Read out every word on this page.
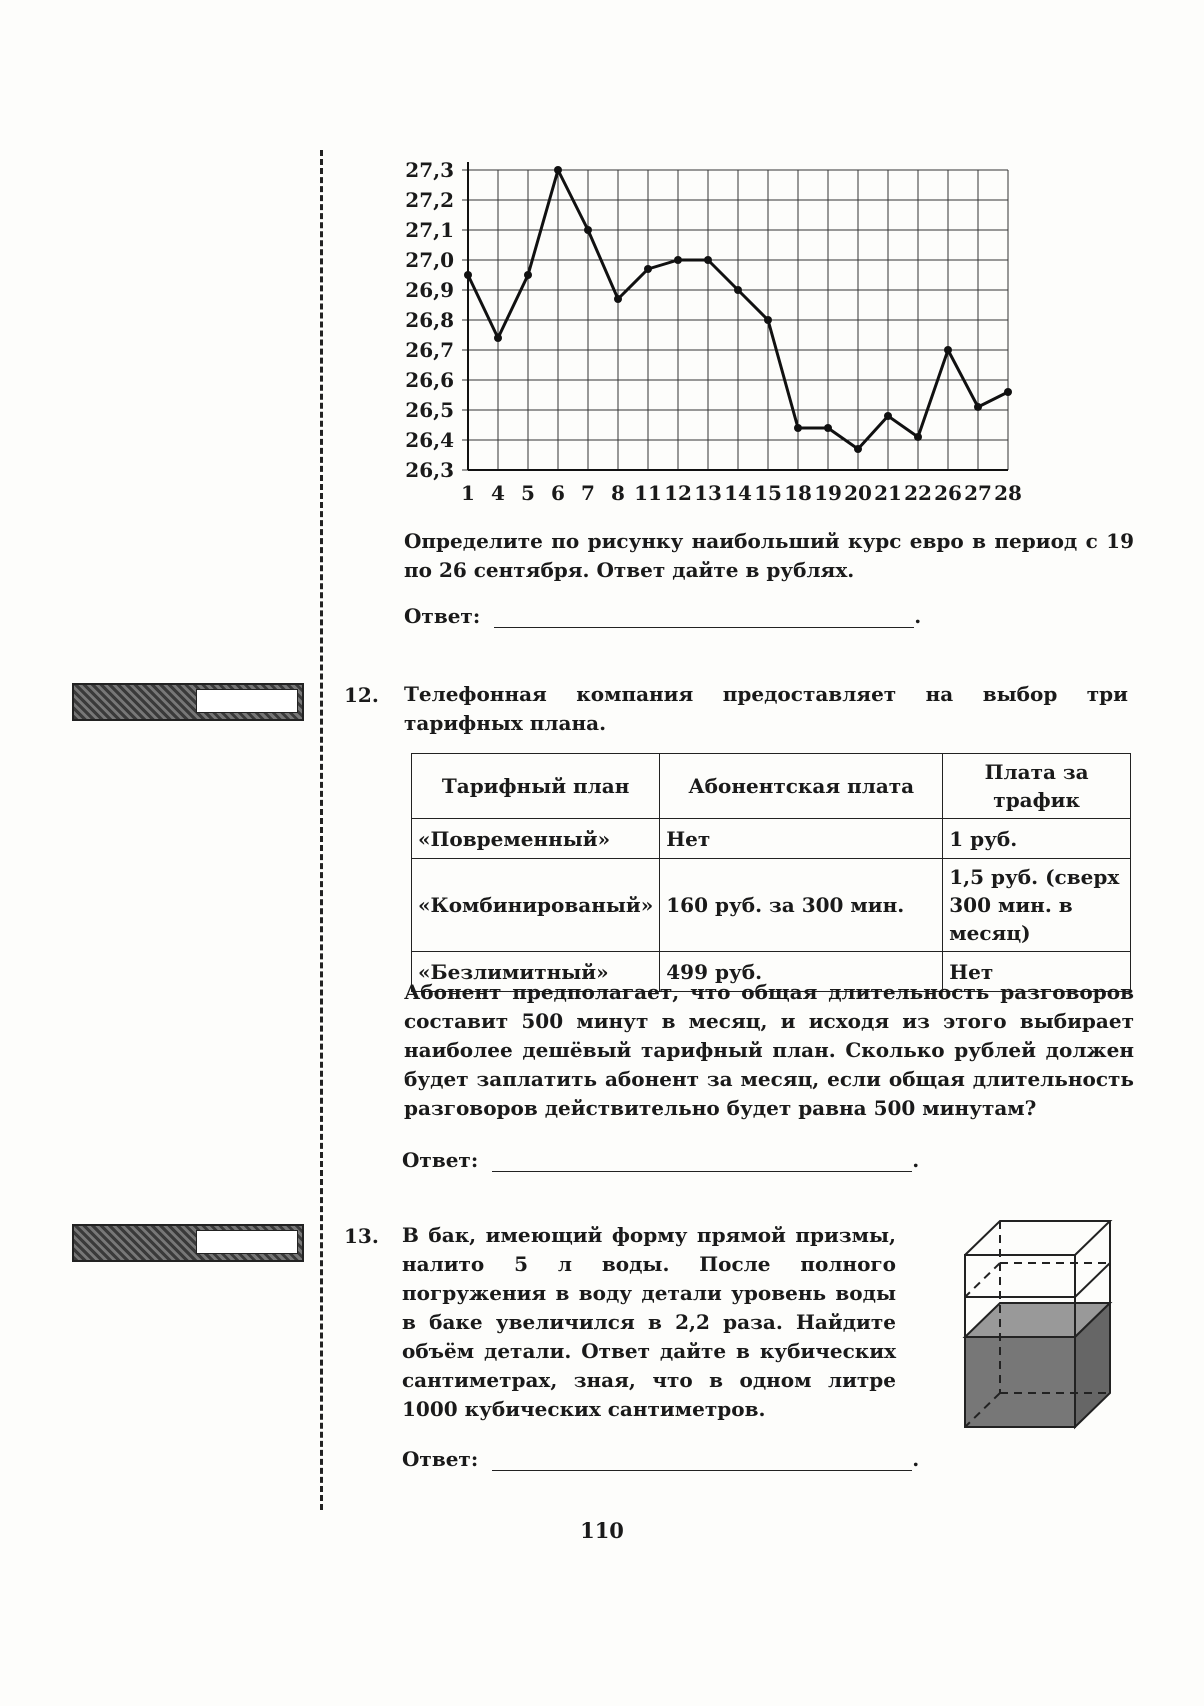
27,3
27,2
27,1
27,0
26,9
26,8
26,7
26,6
26,5
26,4
26,3
1 4 5 6 7 8 11 12 13 14 15 18 19 20 21 22 26 27 28
Определите по рисунку наибольший курс евро в период с 19 по 26 сентября. Ответ дайте в рублях.
Ответ:	.
12. Телефонная компания предоставляет на выбор три тарифных плана.
Тарифный план	Абонентская плата	Плата за трафик
«Повременный»	Нет	1 руб.
«Комбинированый»	160 руб. за 300 мин.	1,5 руб. (сверх 300 мин. в месяц)
«Безлимитный»	499 руб.	Нет
Абонент предполагает, что общая длительность разговоров составит 500 минут в месяц, и исходя из этого выбирает наиболее дешёвый тарифный план. Сколько рублей должен будет заплатить абонент за месяц, если общая длительность разговоров действительно будет равна 500 минутам?
Ответ:	.
13. В бак, имеющий форму прямой призмы, налито 5 л воды. После полного погружения в воду детали уровень воды в баке увеличился в 2,2 раза. Найдите объём детали. Ответ дайте в кубических сантиметрах, зная, что в одном литре 1000 кубических сантиметров.
Ответ:	.
110
